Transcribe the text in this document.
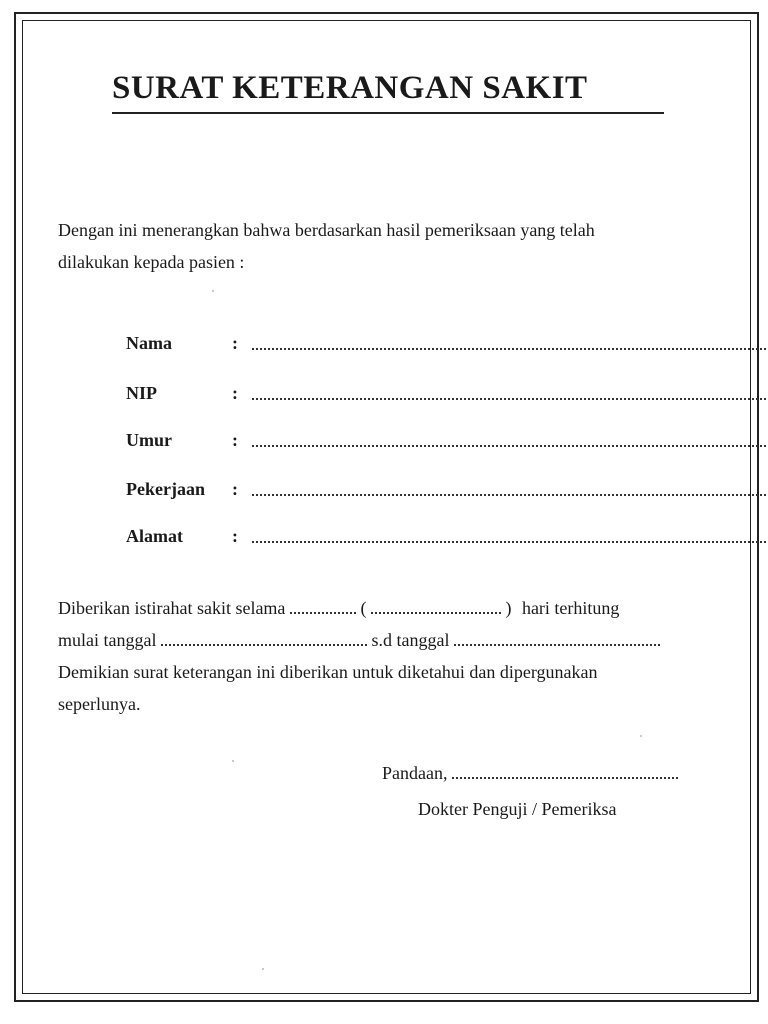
SURAT KETERANGAN SAKIT
Dengan ini menerangkan bahwa berdasarkan hasil pemeriksaan yang telah
dilakukan kepada pasien :
Nama	:
NIP	:
Umur	:
Pekerjaan :
Alamat	:
Diberikan istirahat sakit selama	(	) hari terhitung
mulai tanggal	s.d tanggal
Demikian surat keterangan ini diberikan untuk diketahui dan dipergunakan
seperlunya.
Pandaan,
Dokter Penguji / Pemeriksa
